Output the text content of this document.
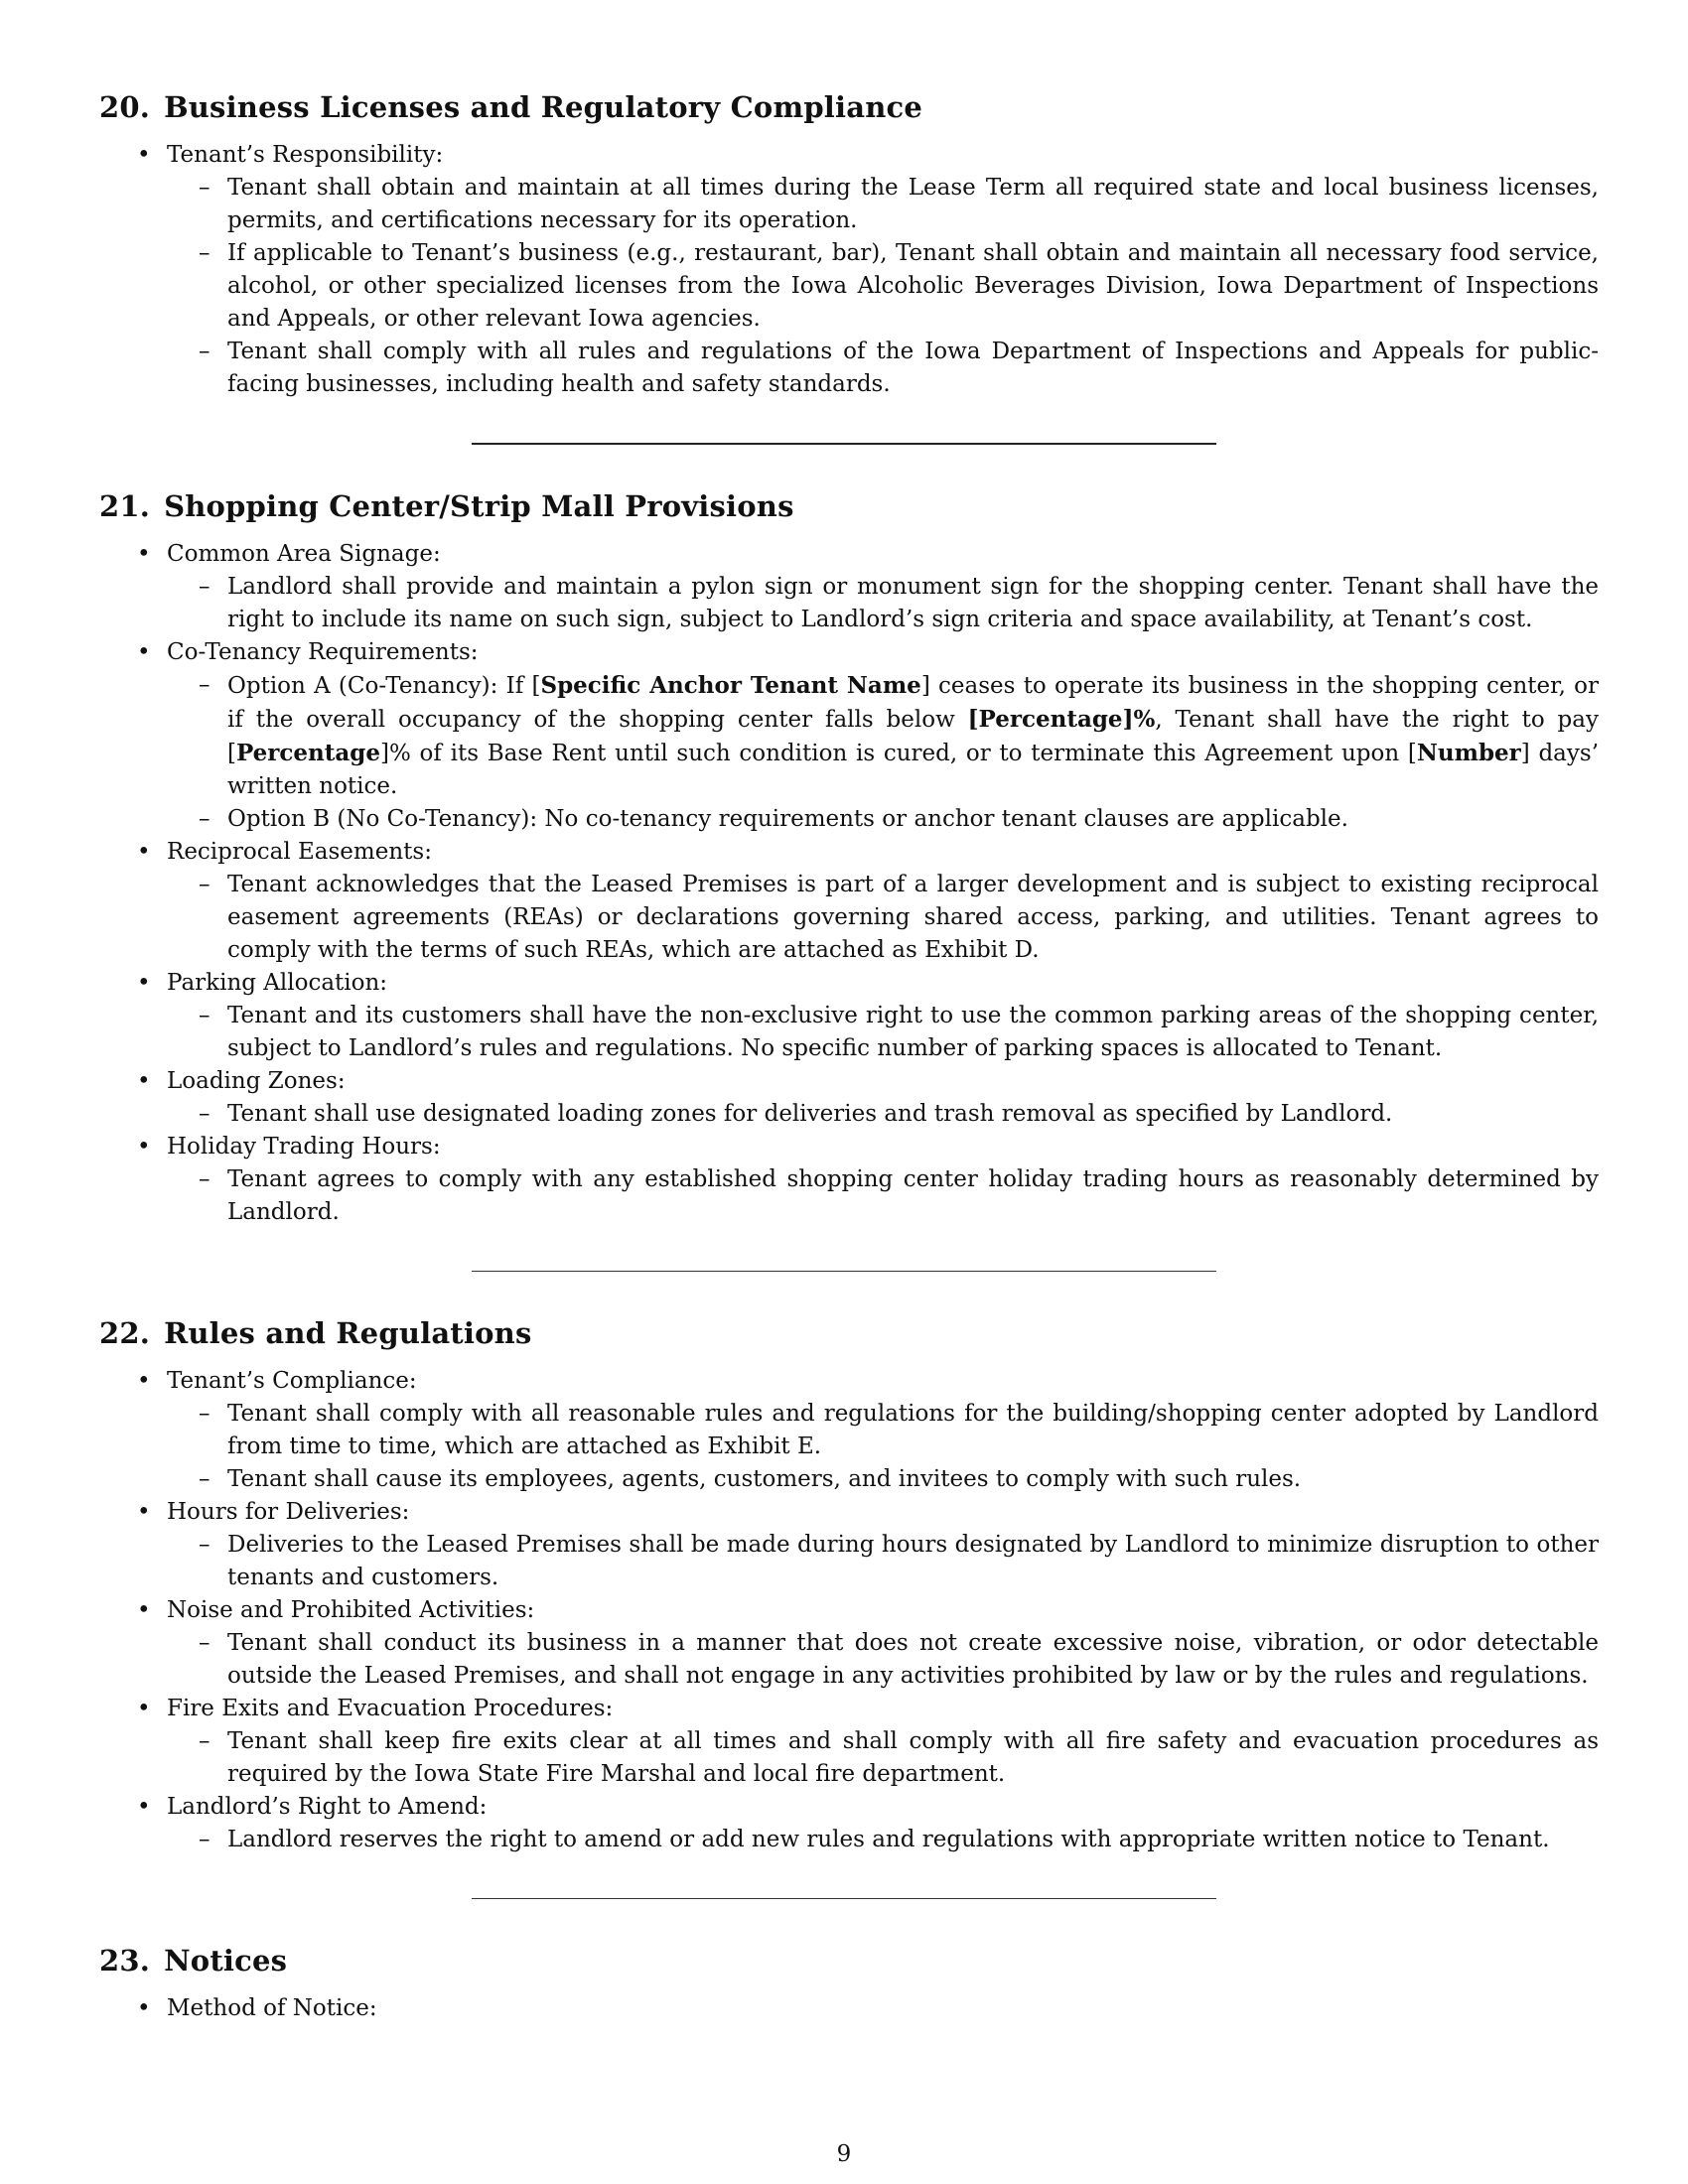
20. Business Licenses and Regulatory Compliance
• Tenant’s Responsibility:
– Tenant shall obtain and maintain at all times during the Lease Term all required state and local business licenses, permits, and certifications necessary for its operation.
– If applicable to Tenant’s business (e.g., restaurant, bar), Tenant shall obtain and maintain all necessary food service, alcohol, or other specialized licenses from the Iowa Alcoholic Beverages Division, Iowa Department of Inspections and Appeals, or other relevant Iowa agencies.
– Tenant shall comply with all rules and regulations of the Iowa Department of Inspections and Appeals for public-facing businesses, including health and safety standards.
21. Shopping Center/Strip Mall Provisions
• Common Area Signage:
– Landlord shall provide and maintain a pylon sign or monument sign for the shopping center. Tenant shall have the right to include its name on such sign, subject to Landlord’s sign criteria and space availability, at Tenant’s cost.
• Co-Tenancy Requirements:
– Option A (Co-Tenancy): If [Specific Anchor Tenant Name] ceases to operate its business in the shopping center, or if the overall occupancy of the shopping center falls below [Percentage]%, Tenant shall have the right to pay [Percentage]% of its Base Rent until such condition is cured, or to terminate this Agreement upon [Number] days’ written notice.
– Option B (No Co-Tenancy): No co-tenancy requirements or anchor tenant clauses are applicable.
• Reciprocal Easements:
– Tenant acknowledges that the Leased Premises is part of a larger development and is subject to existing reciprocal easement agreements (REAs) or declarations governing shared access, parking, and utilities. Tenant agrees to comply with the terms of such REAs, which are attached as Exhibit D.
• Parking Allocation:
– Tenant and its customers shall have the non-exclusive right to use the common parking areas of the shopping center, subject to Landlord’s rules and regulations. No specific number of parking spaces is allocated to Tenant.
• Loading Zones:
– Tenant shall use designated loading zones for deliveries and trash removal as specified by Landlord.
• Holiday Trading Hours:
– Tenant agrees to comply with any established shopping center holiday trading hours as reasonably determined by Landlord.
22. Rules and Regulations
• Tenant’s Compliance:
– Tenant shall comply with all reasonable rules and regulations for the building/shopping center adopted by Landlord from time to time, which are attached as Exhibit E.
– Tenant shall cause its employees, agents, customers, and invitees to comply with such rules.
• Hours for Deliveries:
– Deliveries to the Leased Premises shall be made during hours designated by Landlord to minimize disruption to other tenants and customers.
• Noise and Prohibited Activities:
– Tenant shall conduct its business in a manner that does not create excessive noise, vibration, or odor detectable outside the Leased Premises, and shall not engage in any activities prohibited by law or by the rules and regulations.
• Fire Exits and Evacuation Procedures:
– Tenant shall keep fire exits clear at all times and shall comply with all fire safety and evacuation procedures as required by the Iowa State Fire Marshal and local fire department.
• Landlord’s Right to Amend:
– Landlord reserves the right to amend or add new rules and regulations with appropriate written notice to Tenant.
23. Notices
• Method of Notice:
9
